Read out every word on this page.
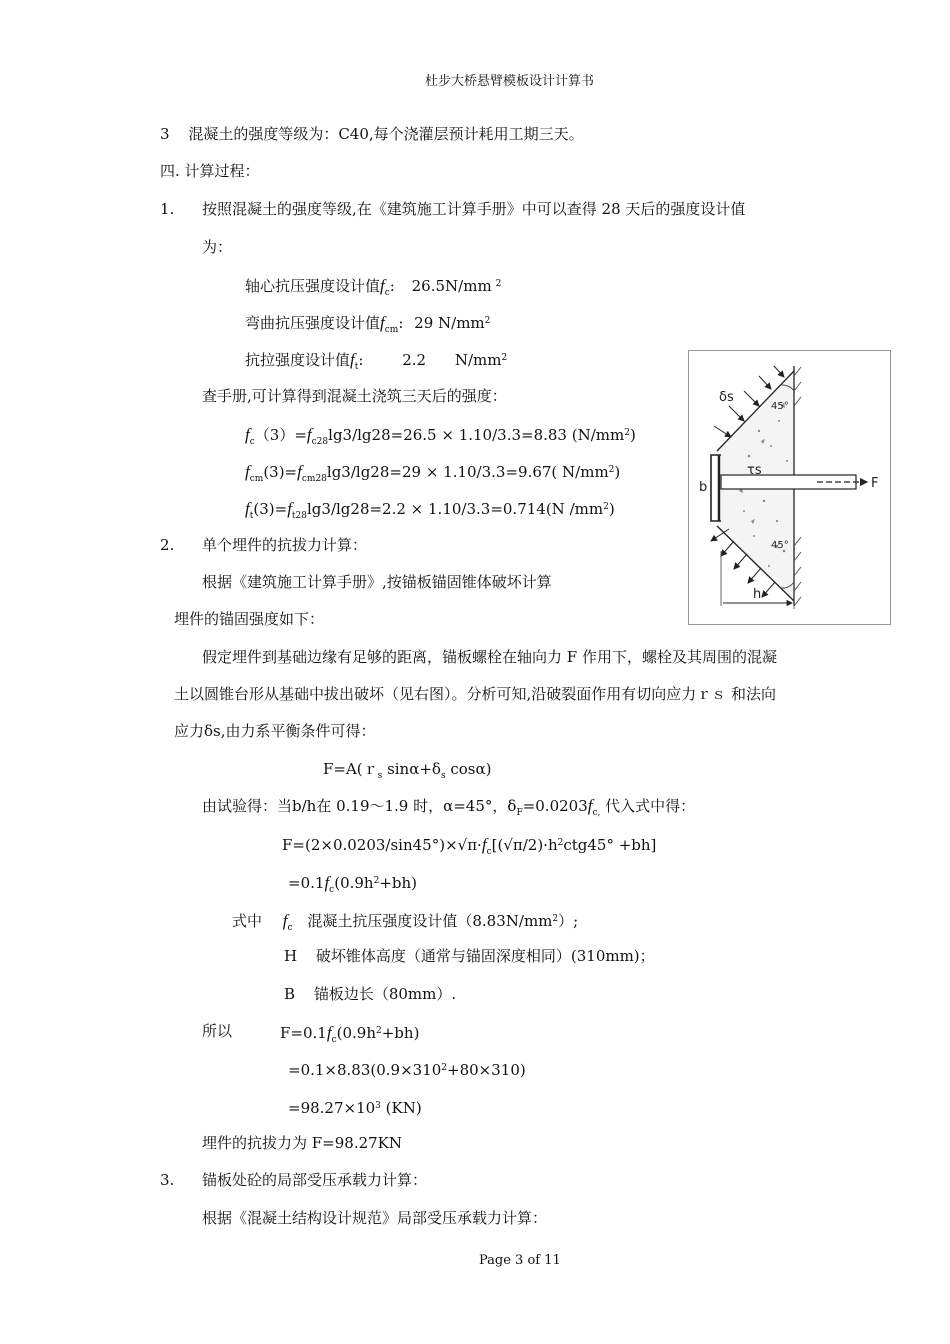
杜步大桥悬臂模板设计计算书
Page 3 of 11
3 混凝土的强度等级为：C40,每个浇灌层预计耗用工期三天。
四. 计算过程：
1. 按照混凝土的强度等级,在《建筑施工计算手册》中可以查得 28 天后的强度设计值
为：
轴心抗压强度设计值$f_c$: 26.5N/mm $^2$
弯曲抗压强度设计值$f_{cm}$: 29 $N/mm^2$
抗拉强度设计值$f_t$:	2.2 $N/mm^2$
查手册,可计算得到混凝土浇筑三天后的强度：
$f_c(3)=f_{c28}\lg 3/\lg 28=26.5 \times 1.10/3.3=8.83$ $(N/mm^2)$
$f_{cm}(3)=f_{cm28}\lg 3/\lg 28=29 \times 1.10/3.3=9.67$( $N/mm^2$)
$f_t(3)=f_{t28}\lg 3/\lg 28=2.2 \times 1.10/3.3=0.714(N$ $/mm^2$)
2. 单个埋件的抗拔力计算：
根据《建筑施工计算手册》,按锚板锚固锥体破坏计算
埋件的锚固强度如下：
假定埋件到基础边缘有足够的距离，锚板螺栓在轴向力 F 作用下，螺栓及其周围的混凝
土以圆锥台形从基础中拔出破坏（见右图）。分析可知,沿破裂面作用有切向应力ｒｓ 和法向
应力δs,由力系平衡条件可得：
F=A(ｒ$_s$ $\sin\alpha+\delta_s$ cosα)
由试验得：当b/h在 0.19～1.9 时，α=45°，$\delta_F=0.0203f_{c,}$ 代入式中得：
$F=(2\times 0.0203/\sin 45^\circ)\times√\pi\cdot f_c[(√\pi/2)\cdot h^2ctg45^\circ +bh]$
$=0.1f_c(0.9h^2+bh)$
式中 $f_c$ 混凝土抗压强度设计值$(8.83N/mm^2)$;
H 破坏锥体高度（通常与锚固深度相同）(310mm)；
B 锚板边长（80mm）.
所以	$F=0.1f_c(0.9h^2+bh)$
$=0.1\times 8.83(0.9\times 310^2+80\times 310)$
$=98.27\times 10^3$ (KN)
埋件的抗拔力为 F=98.27KN
3. 锚板处砼的局部受压承载力计算：
根据《混凝土结构设计规范》局部受压承载力计算：
45°
45°
δs
τs
b	F
h
